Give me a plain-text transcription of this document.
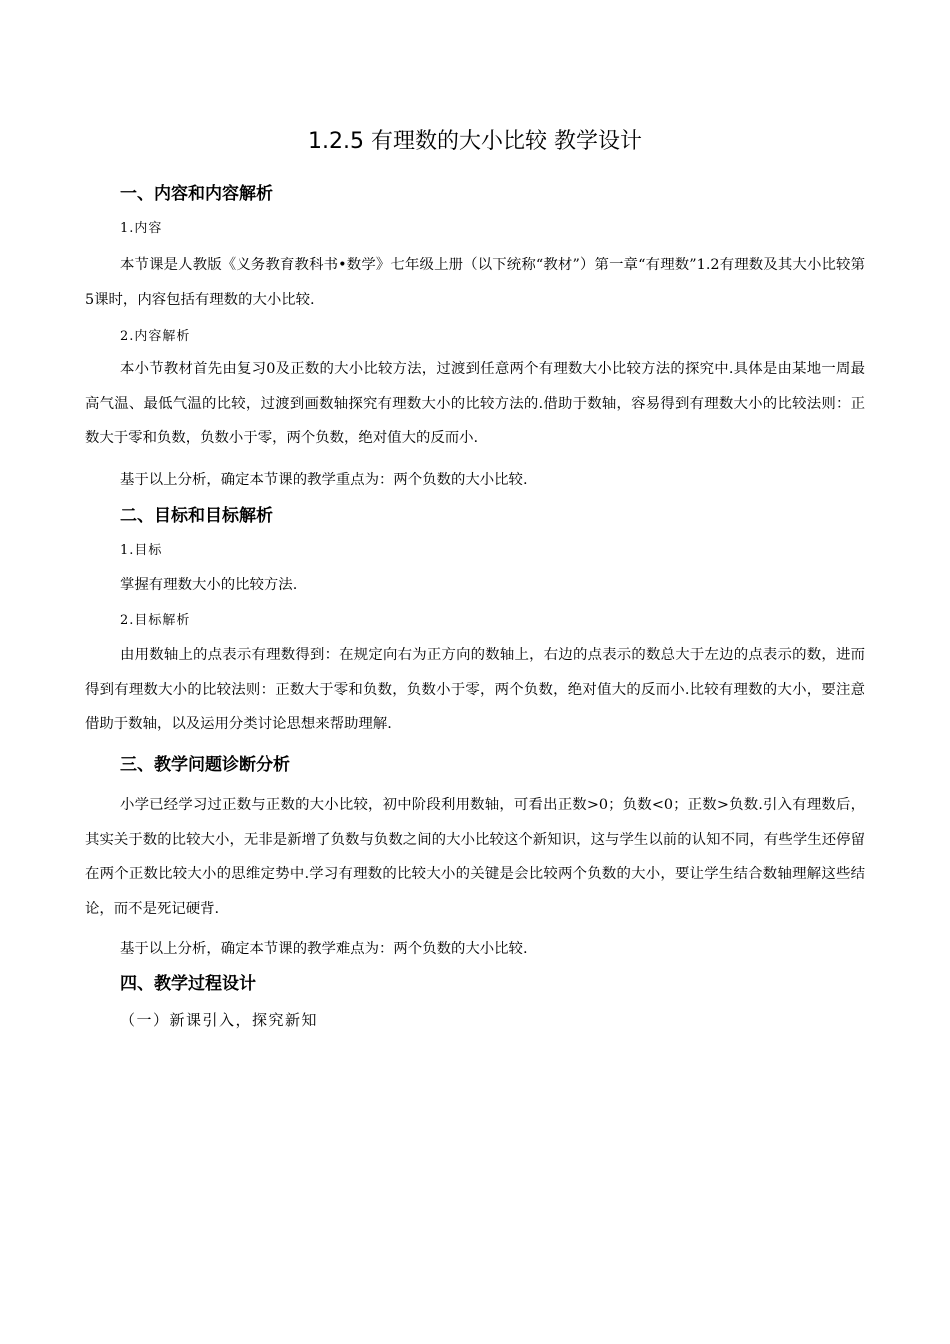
1.2.5 有理数的大小比较 教学设计
一、内容和内容解析
1.内容
本节课是人教版《义务教育教科书•数学》七年级上册（以下统称“教材”）第一章“有理数”1.2有理数及其大小比较第5课时，内容包括有理数的大小比较.
2.内容解析
本小节教材首先由复习0及正数的大小比较方法，过渡到任意两个有理数大小比较方法的探究中.具体是由某地一周最高气温、最低气温的比较，过渡到画数轴探究有理数大小的比较方法的.借助于数轴，容易得到有理数大小的比较法则：正数大于零和负数，负数小于零，两个负数，绝对值大的反而小.
基于以上分析，确定本节课的教学重点为：两个负数的大小比较.
二、目标和目标解析
1.目标
掌握有理数大小的比较方法.
2.目标解析
由用数轴上的点表示有理数得到：在规定向右为正方向的数轴上，右边的点表示的数总大于左边的点表示的数，进而得到有理数大小的比较法则：正数大于零和负数，负数小于零，两个负数，绝对值大的反而小.比较有理数的大小，要注意借助于数轴，以及运用分类讨论思想来帮助理解.
三、教学问题诊断分析
小学已经学习过正数与正数的大小比较，初中阶段利用数轴，可看出正数>0；负数<0；正数>负数.引入有理数后，其实关于数的比较大小，无非是新增了负数与负数之间的大小比较这个新知识，这与学生以前的认知不同，有些学生还停留在两个正数比较大小的思维定势中.学习有理数的比较大小的关键是会比较两个负数的大小，要让学生结合数轴理解这些结论，而不是死记硬背.
基于以上分析，确定本节课的教学难点为：两个负数的大小比较.
四、教学过程设计
（一）新课引入，探究新知
